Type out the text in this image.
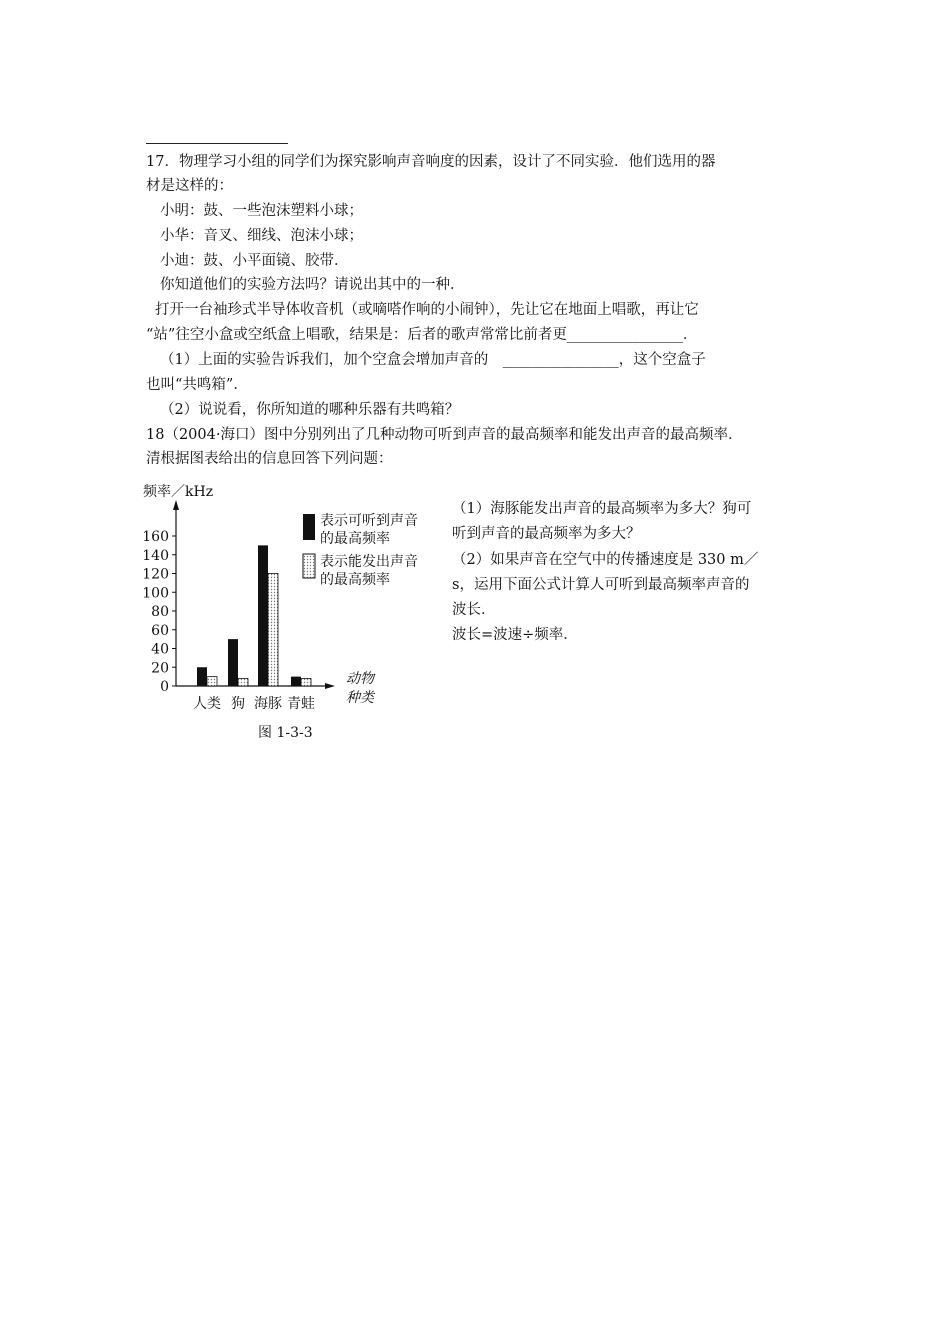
17．物理学习小组的同学们为探究影响声音响度的因素，设计了不同实验．他们选用的器
材是这样的：
小明：鼓、一些泡沫塑料小球；
小华：音叉、细线、泡沫小球；
小迪：鼓、小平面镜、胶带．
你知道他们的实验方法吗？请说出其中的一种．
打开一台袖珍式半导体收音机（或嘀嗒作响的小闹钟），先让它在地面上唱歌，再让它
“站”往空小盒或空纸盒上唱歌，结果是：后者的歌声常常比前者更________________．
（1）上面的实验告诉我们，加个空盒会增加声音的　________________，这个空盒子
也叫“共鸣箱”．
（2）说说看，你所知道的哪种乐器有共鸣箱？
18（2004·海口）图中分别列出了几种动物可听到声音的最高频率和能发出声音的最高频率．
清根据图表给出的信息回答下列问题：
频率／kHz
0
20
40
60
80
100
120
140
160
人类 狗 海豚 青蛙
动物
种类
表示可听到声音
的最高频率
表示能发出声音
的最高频率
图 1-3-3
（1）海豚能发出声音的最高频率为多大？狗可
听到声音的最高频率为多大？
（2）如果声音在空气中的传播速度是 330 m／
s，运用下面公式计算人可听到最高频率声音的
波长．
波长=波速÷频率．
